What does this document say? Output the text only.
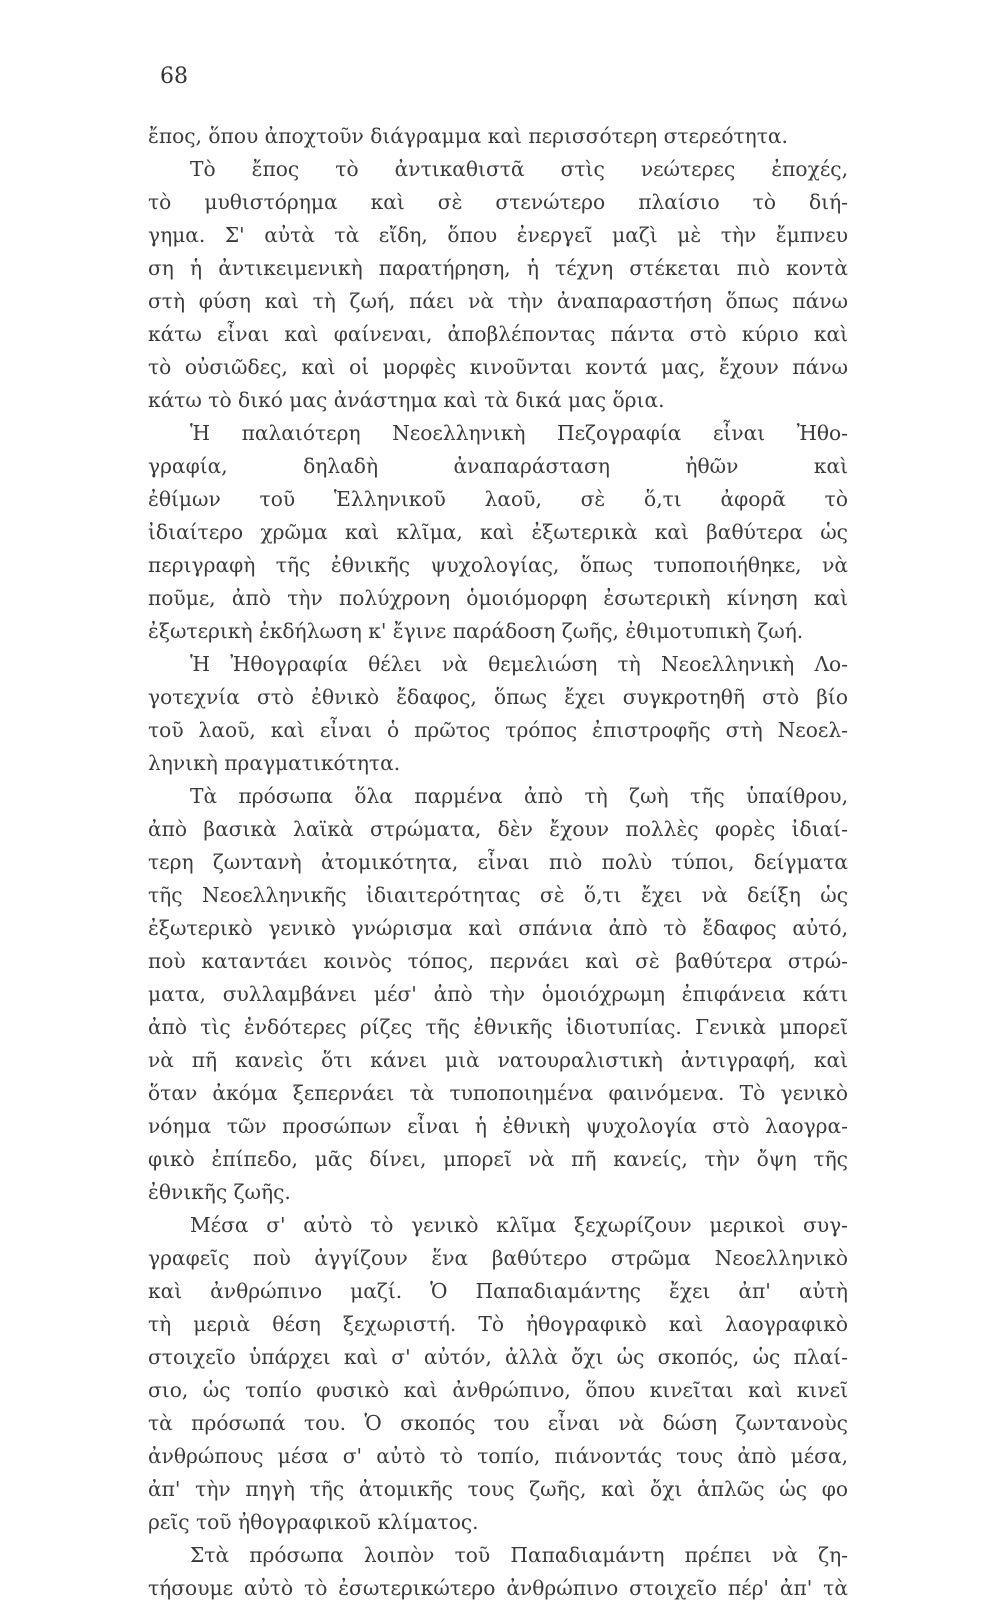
68

ἔπος, ὅπου ἀποχτοῦν διάγραμμα καὶ περισσότερη στερεότητα.
Τὸ ἔπος τὸ ἀντικαθιστᾶ στὶς νεώτερες ἐποχές,
τὸ μυθιστόρημα καὶ σὲ στενώτερο πλαίσιο τὸ διή-
γημα. Σ' αὐτὰ τὰ εἴδη, ὅπου ἐνεργεῖ μαζὶ μὲ τὴν ἔμπνευ
ση ἡ ἀντικειμενικὴ παρατήρηση, ἡ τέχνη στέκεται πιὸ κοντὰ
στὴ φύση καὶ τὴ ζωή, πάει νὰ τὴν ἀναπαραστήση ὅπως πάνω
κάτω εἶναι καὶ φαίνεναι, ἀποβλέποντας πάντα στὸ κύριο καὶ
τὸ οὐσιῶδες, καὶ οἱ μορφὲς κινοῦνται κοντά μας, ἔχουν πάνω
κάτω τὸ δικό μας ἀνάστημα καὶ τὰ δικά μας ὅρια.
Ἡ παλαιότερη Νεοελληνικὴ Πεζογραφία εἶναι Ἠθο-
γραφία, δηλαδὴ ἀναπαράσταση ἠθῶν καὶ
ἐθίμων τοῦ Ἑλληνικοῦ λαοῦ, σὲ ὅ,τι ἀφορᾶ τὸ
ἰδιαίτερο χρῶμα καὶ κλῖμα, καὶ ἐξωτερικὰ καὶ βαθύτερα ὡς
περιγραφὴ τῆς ἐθνικῆς ψυχολογίας, ὅπως τυποποιήθηκε, νὰ
ποῦμε, ἀπὸ τὴν πολύχρονη ὁμοιόμορφη ἐσωτερικὴ κίνηση καὶ
ἐξωτερικὴ ἐκδήλωση κ' ἔγινε παράδοση ζωῆς, ἐθιμοτυπικὴ ζωή.
Ἡ Ἠθογραφία θέλει νὰ θεμελιώση τὴ Νεοελληνικὴ Λο-
γοτεχνία στὸ ἐθνικὸ ἔδαφος, ὅπως ἔχει συγκροτηθῆ στὸ βίο
τοῦ λαοῦ, καὶ εἶναι ὁ πρῶτος τρόπος ἐπιστροφῆς στὴ Νεοελ-
ληνικὴ πραγματικότητα.
Τὰ πρόσωπα ὅλα παρμένα ἀπὸ τὴ ζωὴ τῆς ὑπαίθρου,
ἀπὸ βασικὰ λαϊκὰ στρώματα, δὲν ἔχουν πολλὲς φορὲς ἰδιαί-
τερη ζωντανὴ ἀτομικότητα, εἶναι πιὸ πολὺ τύποι, δείγματα
τῆς Νεοελληνικῆς ἰδιαιτερότητας σὲ ὅ,τι ἔχει νὰ δείξη ὡς
ἐξωτερικὸ γενικὸ γνώρισμα καὶ σπάνια ἀπὸ τὸ ἔδαφος αὐτό,
ποὺ καταντάει κοινὸς τόπος, περνάει καὶ σὲ βαθύτερα στρώ-
ματα, συλλαμβάνει μέσ' ἀπὸ τὴν ὁμοιόχρωμη ἐπιφάνεια κάτι
ἀπὸ τὶς ἐνδότερες ρίζες τῆς ἐθνικῆς ἰδιοτυπίας. Γενικὰ μπορεῖ
νὰ πῆ κανεὶς ὅτι κάνει μιὰ νατουραλιστικὴ ἀντιγραφή, καὶ
ὅταν ἀκόμα ξεπερνάει τὰ τυποποιημένα φαινόμενα. Τὸ γενικὸ
νόημα τῶν προσώπων εἶναι ἡ ἐθνικὴ ψυχολογία στὸ λαογρα-
φικὸ ἐπίπεδο, μᾶς δίνει, μπορεῖ νὰ πῆ κανείς, τὴν ὄψη τῆς
ἐθνικῆς ζωῆς.
Μέσα σ' αὐτὸ τὸ γενικὸ κλῖμα ξεχωρίζουν μερικοὶ συγ-
γραφεῖς ποὺ ἀγγίζουν ἕνα βαθύτερο στρῶμα Νεοελληνικὸ
καὶ ἀνθρώπινο μαζί. Ὁ Παπαδιαμάντης ἔχει ἀπ' αὐτὴ
τὴ μεριὰ θέση ξεχωριστή. Τὸ ἠθογραφικὸ καὶ λαογραφικὸ
στοιχεῖο ὑπάρχει καὶ σ' αὐτόν, ἀλλὰ ὄχι ὡς σκοπός, ὡς πλαί-
σιο, ὡς τοπίο φυσικὸ καὶ ἀνθρώπινο, ὅπου κινεῖται καὶ κινεῖ
τὰ πρόσωπά του. Ὁ σκοπός του εἶναι νὰ δώση ζωντανοὺς
ἀνθρώπους μέσα σ' αὐτὸ τὸ τοπίο, πιάνοντάς τους ἀπὸ μέσα,
ἀπ' τὴν πηγὴ τῆς ἀτομικῆς τους ζωῆς, καὶ ὄχι ἁπλῶς ὡς φο
ρεῖς τοῦ ἠθογραφικοῦ κλίματος.
Στὰ πρόσωπα λοιπὸν τοῦ Παπαδιαμάντη πρέπει νὰ ζη-
τήσουμε αὐτὸ τὸ ἐσωτερικώτερο ἀνθρώπινο στοιχεῖο πέρ' ἀπ' τὰ
